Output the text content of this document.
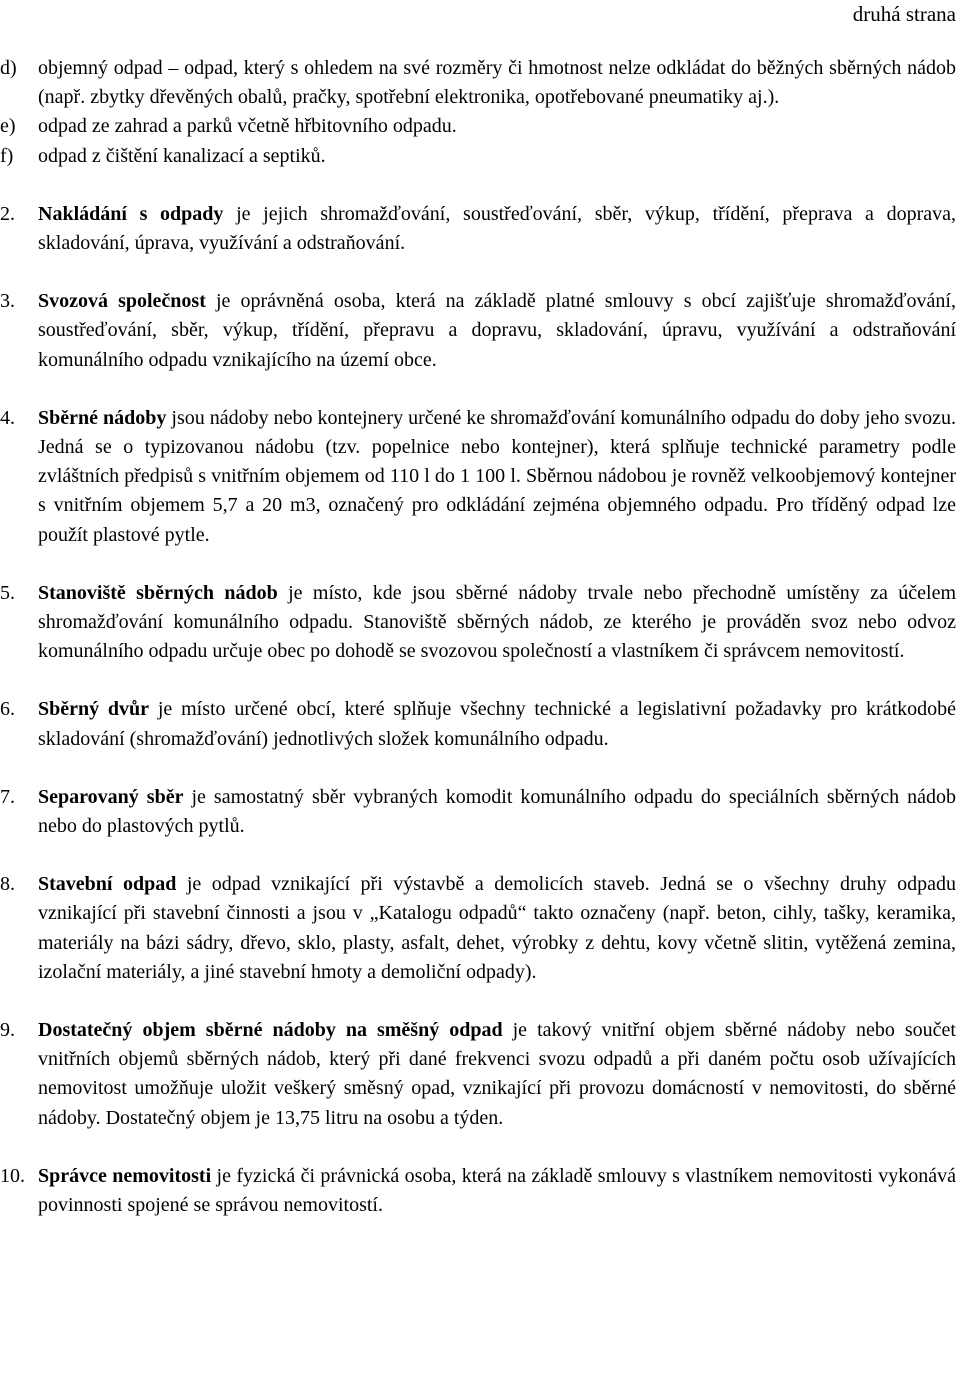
druhá strana

d) objemný odpad – odpad, který s ohledem na své rozměry či hmotnost nelze odkládat do běžných sběrných nádob (např. zbytky dřevěných obalů, pračky, spotřební elektronika, opotřebované pneumatiky aj.).

e) odpad ze zahrad a parků včetně hřbitovního odpadu.

f) odpad z čištění kanalizací a septiků.

2. Nakládání s odpady je jejich shromažďování, soustřeďování, sběr, výkup, třídění, přeprava a doprava, skladování, úprava, využívání a odstraňování.

3. Svozová společnost je oprávněná osoba, která na základě platné smlouvy s obcí zajišťuje shromažďování, soustřeďování, sběr, výkup, třídění, přepravu a dopravu, skladování, úpravu, využívání a odstraňování komunálního odpadu vznikajícího na území obce.

4. Sběrné nádoby jsou nádoby nebo kontejnery určené ke shromažďování komunálního odpadu do doby jeho svozu. Jedná se o typizovanou nádobu (tzv. popelnice nebo kontejner), která splňuje technické parametry podle zvláštních předpisů s vnitřním objemem od 110 l do 1 100 l. Sběrnou nádobou je rovněž velkoobjemový kontejner s vnitřním objemem 5,7 a 20 m3, označený pro odkládání zejména objemného odpadu. Pro tříděný odpad lze použít plastové pytle.

5. Stanoviště sběrných nádob je místo, kde jsou sběrné nádoby trvale nebo přechodně umístěny za účelem shromažďování komunálního odpadu. Stanoviště sběrných nádob, ze kterého je prováděn svoz nebo odvoz komunálního odpadu určuje obec po dohodě se svozovou společností a vlastníkem či správcem nemovitostí.

6. Sběrný dvůr je místo určené obcí, které splňuje všechny technické a legislativní požadavky pro krátkodobé skladování (shromažďování) jednotlivých složek komunálního odpadu.

7. Separovaný sběr je samostatný sběr vybraných komodit komunálního odpadu do speciálních sběrných nádob nebo do plastových pytlů.

8. Stavební odpad je odpad vznikající při výstavbě a demolicích staveb. Jedná se o všechny druhy odpadu vznikající při stavební činnosti a jsou v „Katalogu odpadů“ takto označeny (např. beton, cihly, tašky, keramika, materiály na bázi sádry, dřevo, sklo, plasty, asfalt, dehet, výrobky z dehtu, kovy včetně slitin, vytěžená zemina, izolační materiály, a jiné stavební hmoty a demoliční odpady).

9. Dostatečný objem sběrné nádoby na směšný odpad je takový vnitřní objem sběrné nádoby nebo součet vnitřních objemů sběrných nádob, který při dané frekvenci svozu odpadů a při daném počtu osob užívajících nemovitost umožňuje uložit veškerý směsný opad, vznikající při provozu domácností v nemovitosti, do sběrné nádoby. Dostatečný objem je 13,75 litru na osobu a týden.

10. Správce nemovitosti je fyzická či právnická osoba, která na základě smlouvy s vlastníkem nemovitosti vykonává povinnosti spojené se správou nemovitostí.
